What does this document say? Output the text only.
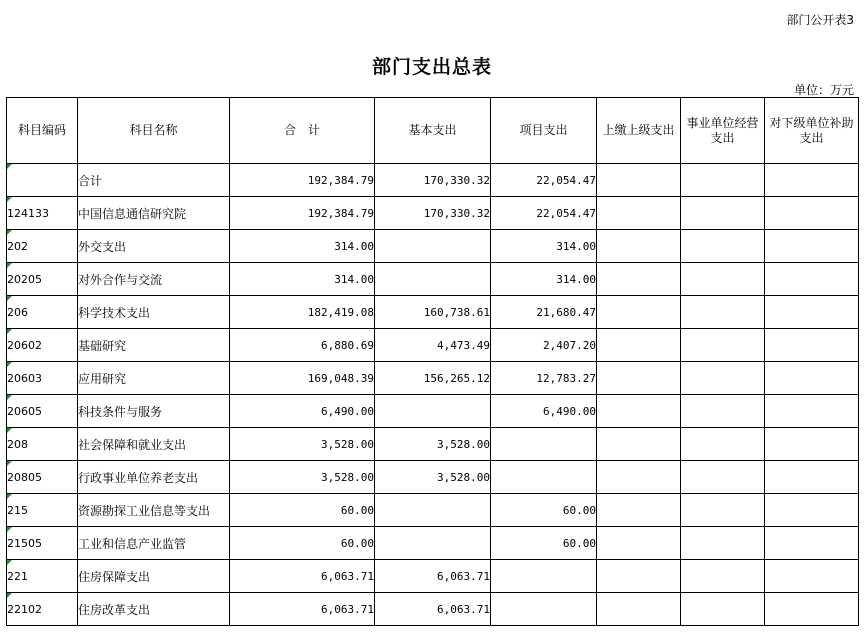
部门公开表3
部门支出总表
单位：万元
科目编码	科目名称	合　计	基本支出	项目支出	上缴上级支出	事业单位经营支出	对下级单位补助支出

	合计	192,384.79	170,330.32	22,054.47			

124133	中国信息通信研究院	192,384.79	170,330.32	22,054.47			

202	外交支出	314.00		314.00			

20205	对外合作与交流	314.00		314.00			

206	科学技术支出	182,419.08	160,738.61	21,680.47			

20602	基础研究	6,880.69	4,473.49	2,407.20			

20603	应用研究	169,048.39	156,265.12	12,783.27			

20605	科技条件与服务	6,490.00		6,490.00			

208	社会保障和就业支出	3,528.00	3,528.00				

20805	行政事业单位养老支出	3,528.00	3,528.00				

215	资源勘探工业信息等支出	60.00		60.00			

21505	工业和信息产业监管	60.00		60.00			

221	住房保障支出	6,063.71	6,063.71				

22102	住房改革支出	6,063.71	6,063.71				
